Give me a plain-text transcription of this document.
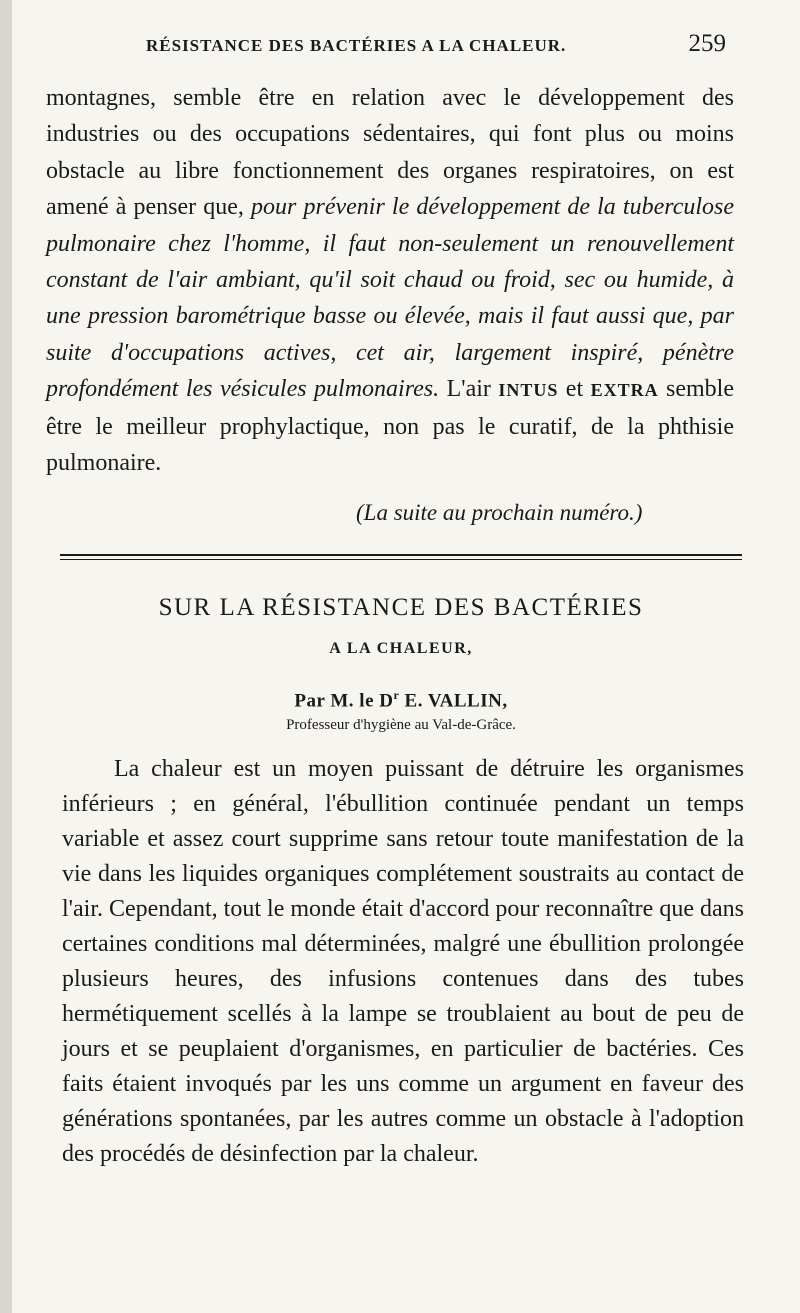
RÉSISTANCE DES BACTÉRIES A LA CHALEUR.	259

montagnes, semble être en relation avec le développement des industries ou des occupations sédentaires, qui font plus ou moins obstacle au libre fonctionnement des organes respiratoires, on est amené à penser que, pour prévenir le développement de la tuberculose pulmonaire chez l'homme, il faut non-seulement un renouvellement constant de l'air ambiant, qu'il soit chaud ou froid, sec ou humide, à une pression barométrique basse ou élevée, mais il faut aussi que, par suite d'occupations actives, cet air, largement inspiré, pénètre profondément les vésicules pulmonaires. L'air INTUS et EXTRA semble être le meilleur prophylactique, non pas le curatif, de la phthisie pulmonaire.

(La suite au prochain numéro.)
SUR LA RÉSISTANCE DES BACTÉRIES
A LA CHALEUR,
Par M. le $D^r$ E. VALLIN,
Professeur d'hygiène au Val-de-Grâce.

La chaleur est un moyen puissant de détruire les organismes inférieurs ; en général, l'ébullition continuée pendant un temps variable et assez court supprime sans retour toute manifestation de la vie dans les liquides organiques complétement soustraits au contact de l'air. Cependant, tout le monde était d'accord pour reconnaître que dans certaines conditions mal déterminées, malgré une ébullition prolongée plusieurs heures, des infusions contenues dans des tubes hermétiquement scellés à la lampe se troublaient au bout de peu de jours et se peuplaient d'organismes, en particulier de bactéries. Ces faits étaient invoqués par les uns comme un argument en faveur des générations spontanées, par les autres comme un obstacle à l'adoption des procédés de désinfection par la chaleur.
